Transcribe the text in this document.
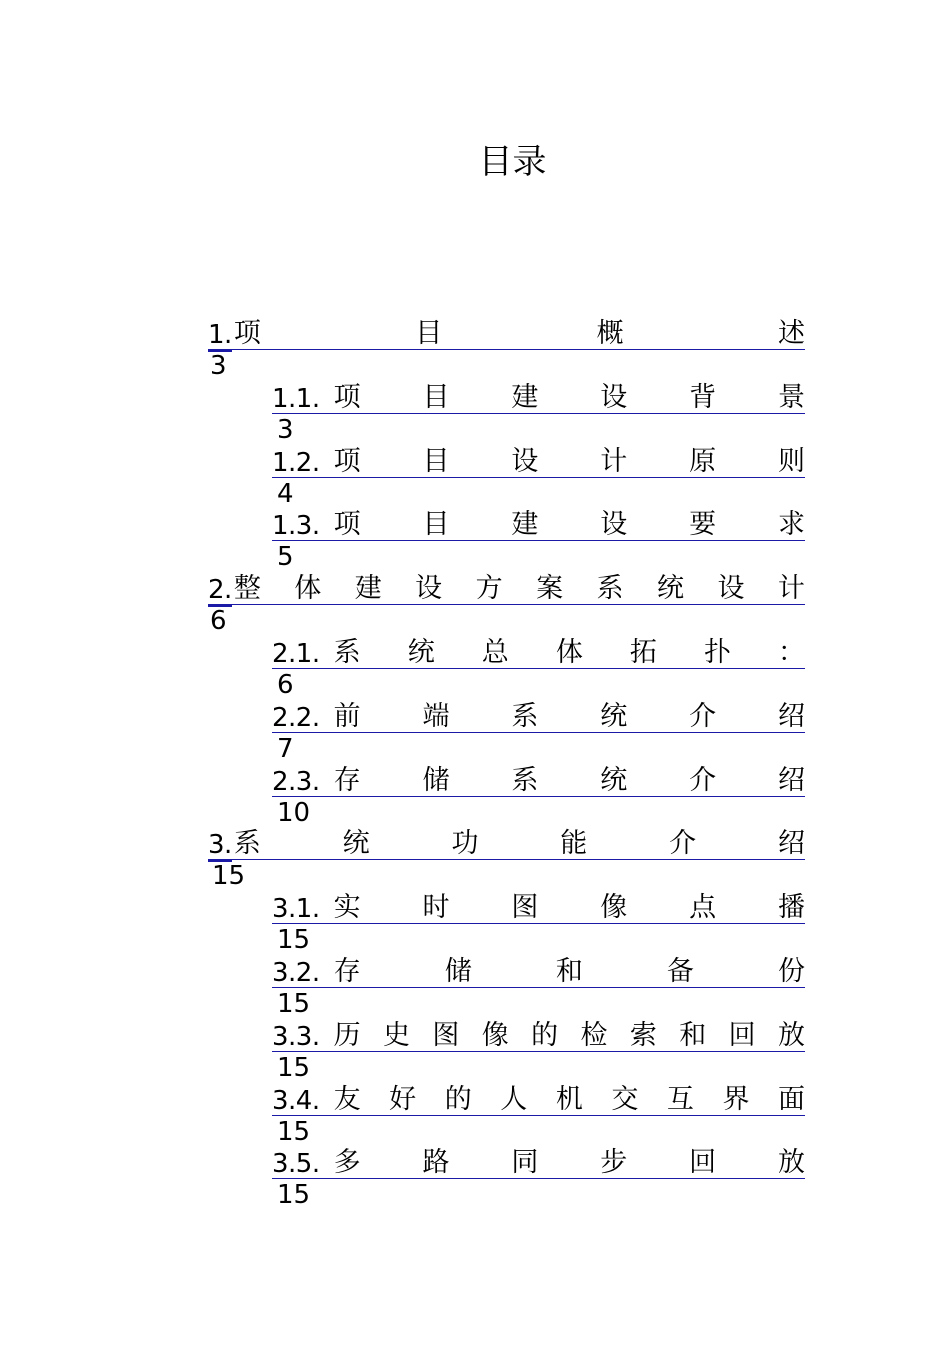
目录
1. 项	目	概	述
3
1.1. 项 目 建 设 背 景
3
1.2. 项 目 设 计 原 则
4
1.3. 项 目 建 设 要 求
5
2. 整 体 建 设 方 案 系 统 设 计
6
2.1. 系 统 总 体 拓 扑 ：
6
2.2. 前 端 系 统 介 绍
7
2.3. 存 储 系 统 介 绍
10
3. 系	统	功	能	介	绍
15
3.1. 实 时 图 像 点 播
15
3.2. 存	储	和	备	份
15
3.3. 历 史 图 像 的 检 索 和 回 放
15
3.4. 友 好 的 人 机 交 互 界 面
15
3.5. 多 路 同 步 回 放
15
